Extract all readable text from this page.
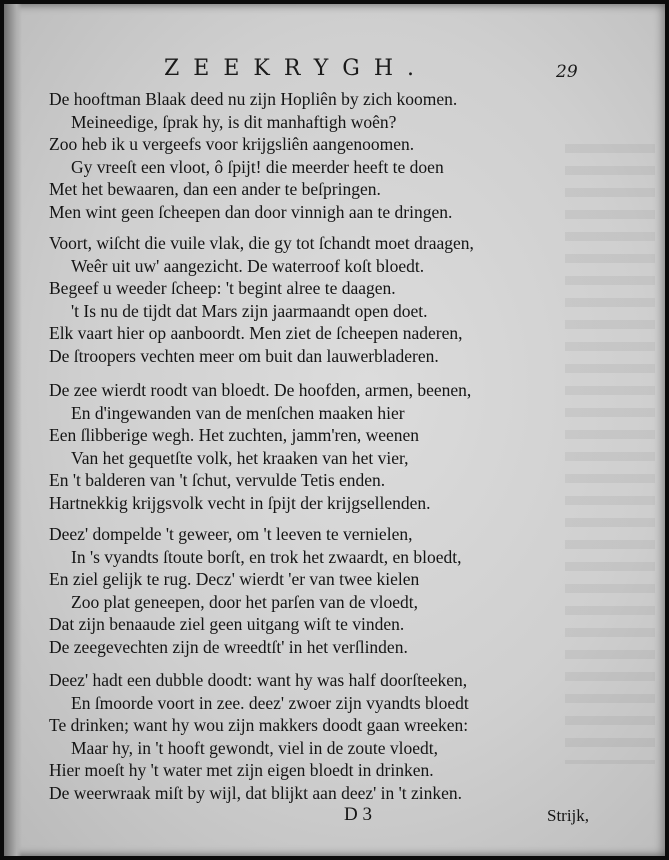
ZEEKRYGH.	29
De hooftman Blaak deed nu zijn Hopliên by zich koomen.
Meineedige, ſprak hy, is dit manhaftigh woên?
Zoo heb ik u vergeefs voor krijgsliên aangenoomen.
Gy vreeſt een vloot, ô ſpijt! die meerder heeft te doen
Met het bewaaren, dan een ander te beſpringen.
Men wint geen ſcheepen dan door vinnigh aan te dringen.
Voort, wiſcht die vuile vlak, die gy tot ſchandt moet draagen,
Weêr uit uw' aangezicht. De waterroof koſt bloedt.
Begeef u weeder ſcheep: 't begint alree te daagen.
't Is nu de tijdt dat Mars zijn jaarmaandt open doet.
Elk vaart hier op aanboordt. Men ziet de ſcheepen naderen,
De ſtroopers vechten meer om buit dan lauwerbladeren.
De zee wierdt roodt van bloedt. De hoofden, armen, beenen,
En d'ingewanden van de menſchen maaken hier
Een ſlibberige wegh. Het zuchten, jamm'ren, weenen
Van het gequetſte volk, het kraaken van het vier,
En 't balderen van 't ſchut, vervulde Tetis enden.
Hartnekkig krijgsvolk vecht in ſpijt der krijgsellenden.
Deez' dompelde 't geweer, om 't leeven te vernielen,
In 's vyandts ſtoute borſt, en trok het zwaardt, en bloedt,
En ziel gelijk te rug. Decz' wierdt 'er van twee kielen
Zoo plat geneepen, door het parſen van de vloedt,
Dat zijn benaaude ziel geen uitgang wiſt te vinden.
De zeegevechten zijn de wreedtſt' in het verſlinden.
Deez' hadt een dubble doodt: want hy was half doorſteeken,
En ſmoorde voort in zee. deez' zwoer zijn vyandts bloedt
Te drinken; want hy wou zijn makkers doodt gaan wreeken:
Maar hy, in 't hooft gewondt, viel in de zoute vloedt,
Hier moeſt hy 't water met zijn eigen bloedt in drinken.
De weerwraak miſt by wijl, dat blijkt aan deez' in 't zinken.
D 3	Strijk,
